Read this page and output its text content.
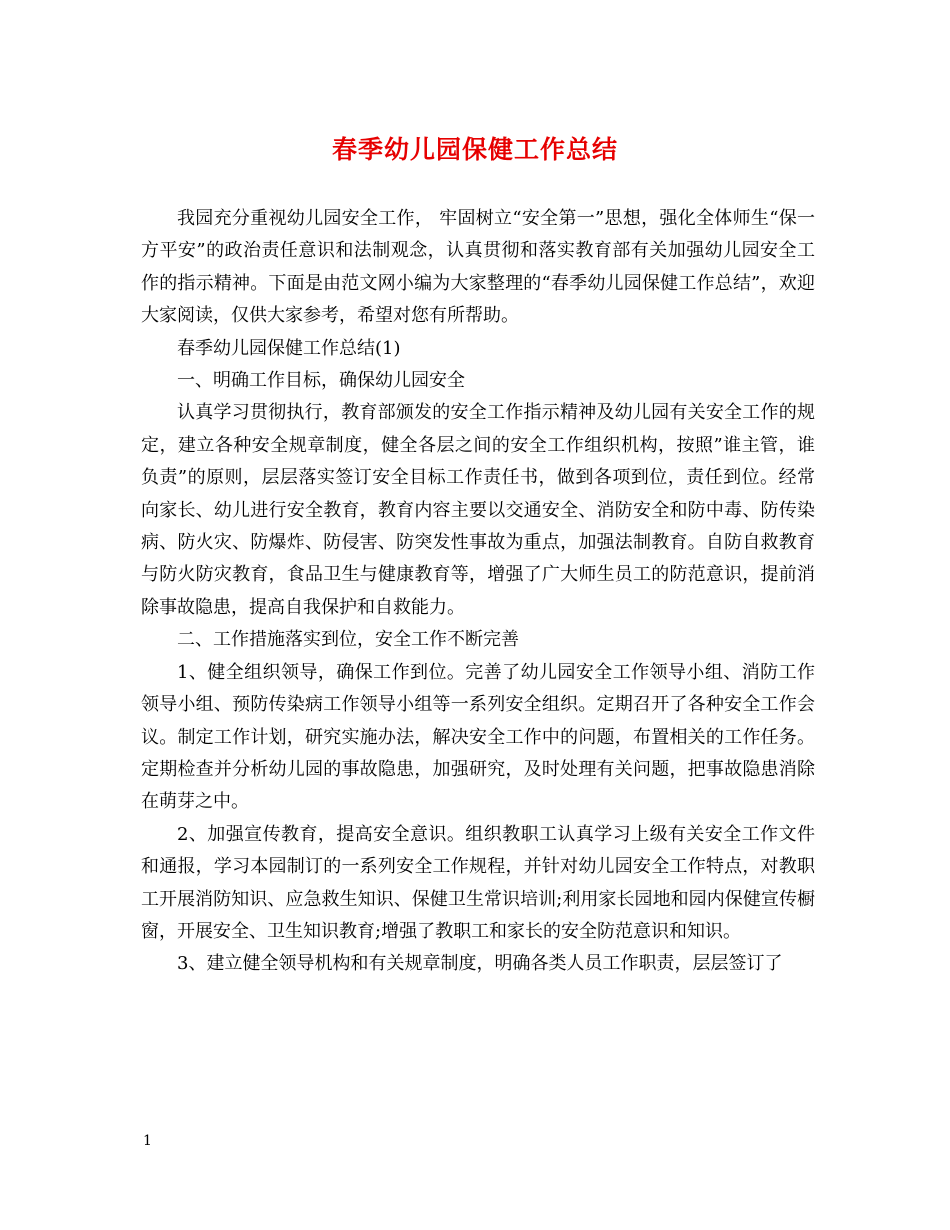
春季幼儿园保健工作总结

我园充分重视幼儿园安全工作， 牢固树立“安全第一”思想，强化全体师生“保一方平安”的政治责任意识和法制观念，认真贯彻和落实教育部有关加强幼儿园安全工作的指示精神。下面是由范文网小编为大家整理的“春季幼儿园保健工作总结”，欢迎大家阅读，仅供大家参考，希望对您有所帮助。

春季幼儿园保健工作总结(1)

一、明确工作目标，确保幼儿园安全

认真学习贯彻执行，教育部颁发的安全工作指示精神及幼儿园有关安全工作的规定，建立各种安全规章制度，健全各层之间的安全工作组织机构，按照”谁主管，谁负责”的原则，层层落实签订安全目标工作责任书，做到各项到位，责任到位。经常向家长、幼儿进行安全教育，教育内容主要以交通安全、消防安全和防中毒、防传染病、防火灾、防爆炸、防侵害、防突发性事故为重点，加强法制教育。自防自救教育与防火防灾教育，食品卫生与健康教育等，增强了广大师生员工的防范意识，提前消除事故隐患，提高自我保护和自救能力。

二、工作措施落实到位，安全工作不断完善

1、健全组织领导，确保工作到位。完善了幼儿园安全工作领导小组、消防工作领导小组、预防传染病工作领导小组等一系列安全组织。定期召开了各种安全工作会议。制定工作计划，研究实施办法，解决安全工作中的问题，布置相关的工作任务。定期检查并分析幼儿园的事故隐患，加强研究，及时处理有关问题，把事故隐患消除在萌芽之中。

2、加强宣传教育，提高安全意识。组织教职工认真学习上级有关安全工作文件和通报，学习本园制订的一系列安全工作规程，并针对幼儿园安全工作特点，对教职工开展消防知识、应急救生知识、保健卫生常识培训;利用家长园地和园内保健宣传橱窗，开展安全、卫生知识教育;增强了教职工和家长的安全防范意识和知识。

3、建立健全领导机构和有关规章制度，明确各类人员工作职责，层层签订了

1
